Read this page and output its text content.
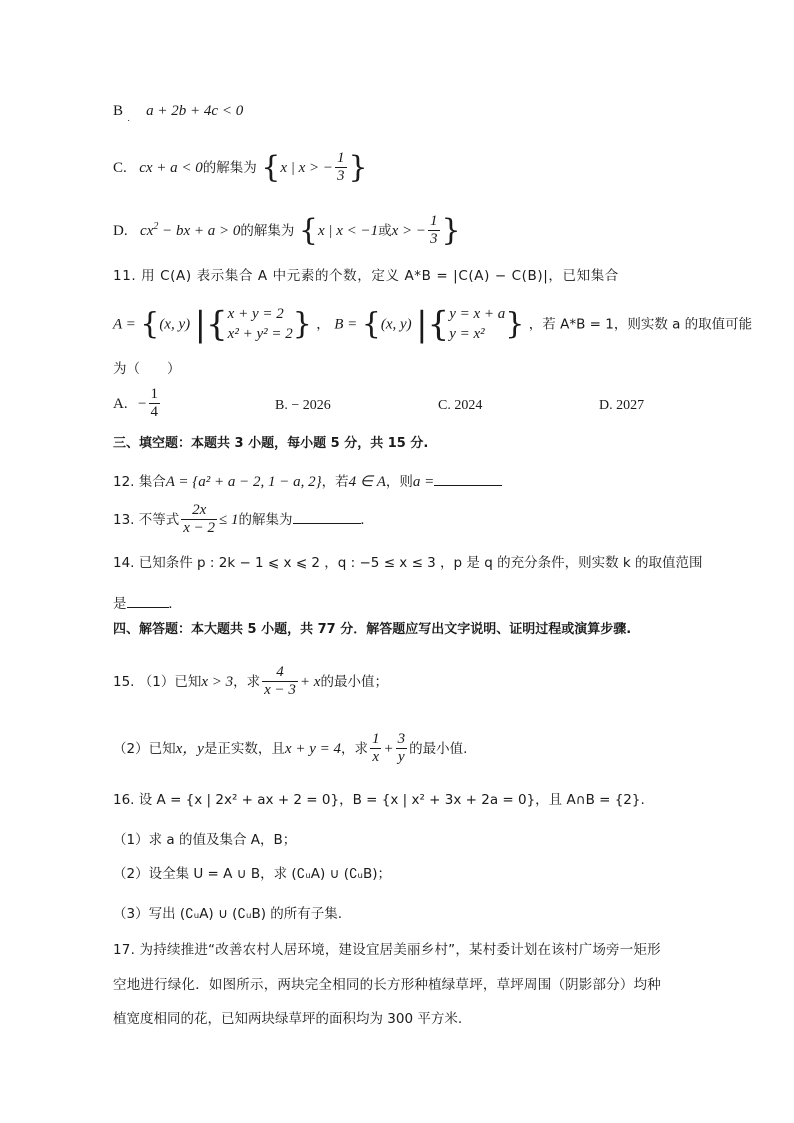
B $_.$ a + 2b + 4c < 0
C. cx + a < 0的解集为 {x | x > − $\frac{1}{3}$ }
D. $cx^2$ − bx + a > 0的解集为 {x | x < −1或x > − $\frac{1}{3}$ }
11. 用 C(A) 表示集合 A 中元素的个数，定义 A*B = |C(A) − C(B)|，已知集合
A = {(x, y) |{ x + y = 2
x² + y² = 2 } ， B = {(x, y) |{ y = x + a
y = x² } ，若 A*B = 1，则实数 a 的取值可能
为（　　）
A. − $\frac{1}{4}$	B. − 2026	C. 2024	D. 2027
三、填空题：本题共 3 小题，每小题 5 分，共 15 分.
12. 集合A = {a² + a − 2, 1 − a, 2}，若4 ∈ A，则a =
13. 不等式 $\frac{2x}{x - 2} \le 1$的解集为	.
14. 已知条件 p : 2k − 1 ⩽ x ⩽ 2 ，q : −5 ≤ x ≤ 3 ，p 是 q 的充分条件，则实数 k 的取值范围
是	.
四、解答题：本大题共 5 小题，共 77 分．解答题应写出文字说明、证明过程或演算步骤.
15. （1）已知x > 3，求 $\frac{4}{x - 3} + x$的最小值；
（2）已知x，y是正实数，且x + y = 4，求 $\frac{1}{x} + \frac{3}{y}$ 的最小值.
16. 设 A = {x | 2x² + ax + 2 = 0}，B = {x | x² + 3x + 2a = 0}，且 A∩B = {2}.
（1）求 a 的值及集合 A，B；
（2）设全集 U = A ∪ B，求 (∁ᵤA) ∪ (∁ᵤB)；
（3）写出 (∁ᵤA) ∪ (∁ᵤB) 的所有子集.
17. 为持续推进“改善农村人居环境，建设宜居美丽乡村”，某村委计划在该村广场旁一矩形
空地进行绿化．如图所示，两块完全相同的长方形种植绿草坪，草坪周围（阴影部分）均种
植宽度相同的花，已知两块绿草坪的面积均为 300 平方米.
